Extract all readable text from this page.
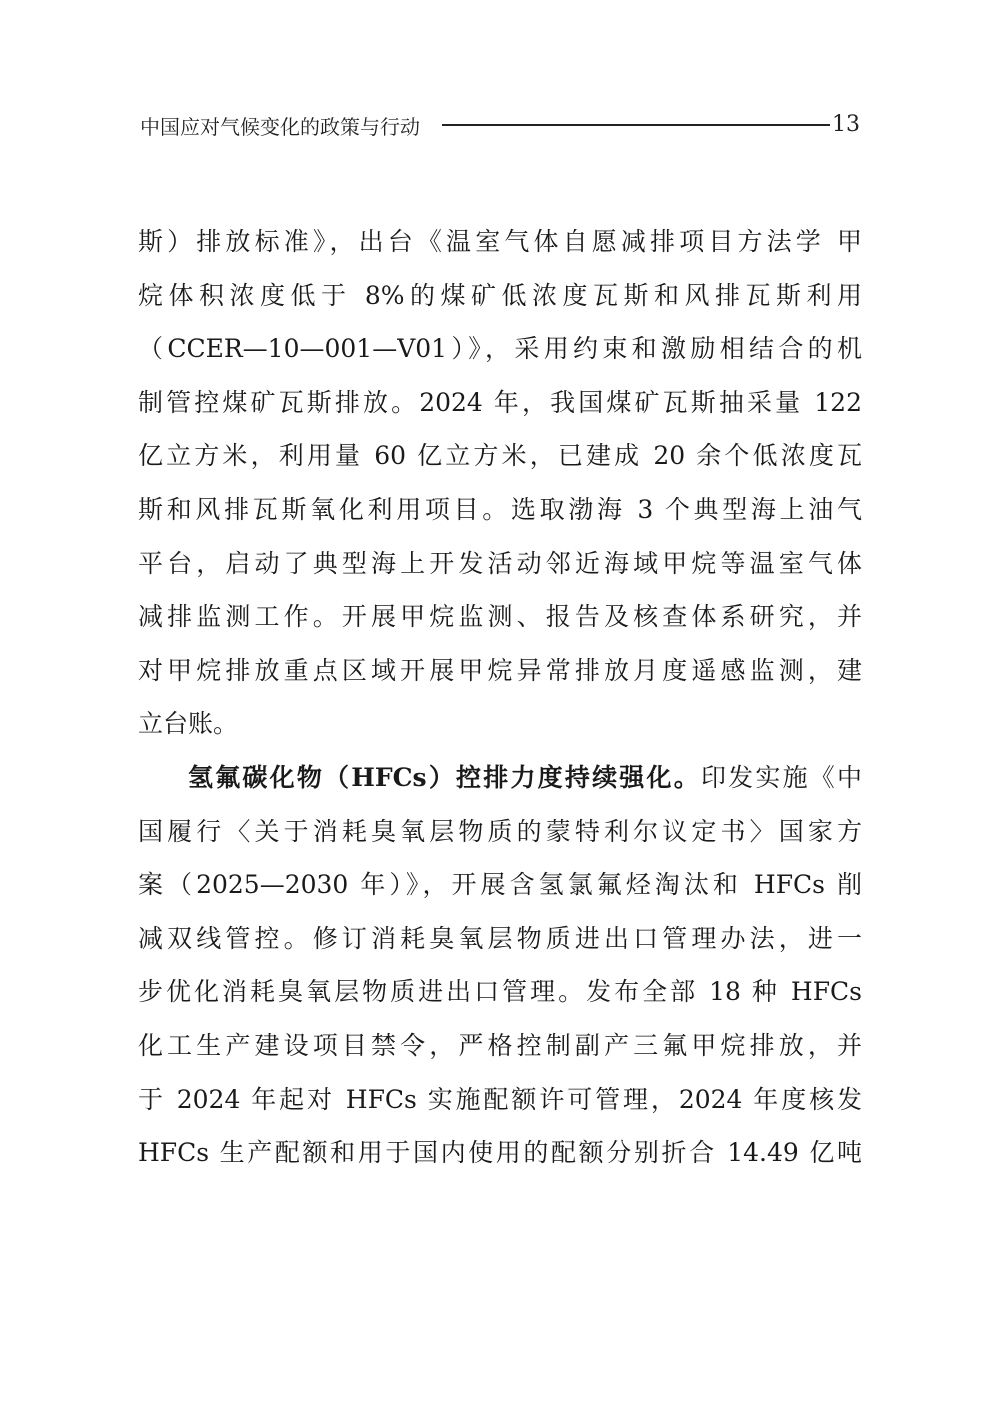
中国应对气候变化的政策与行动	13
斯）排放标准》，出台《温室气体自愿减排项目方法学 甲
烷体积浓度低于 8%的煤矿低浓度瓦斯和风排瓦斯利用
（CCER—10—001—V01）》，采用约束和激励相结合的机
制管控煤矿瓦斯排放。2024 年，我国煤矿瓦斯抽采量 122
亿立方米，利用量 60 亿立方米，已建成 20 余个低浓度瓦
斯和风排瓦斯氧化利用项目。选取渤海 3 个典型海上油气
平台，启动了典型海上开发活动邻近海域甲烷等温室气体
减排监测工作。开展甲烷监测、报告及核查体系研究，并
对甲烷排放重点区域开展甲烷异常排放月度遥感监测，建
立台账。
氢氟碳化物（HFCs）控排力度持续强化。印发实施《中
国履行〈关于消耗臭氧层物质的蒙特利尔议定书〉国家方
案（2025—2030 年）》，开展含氢氯氟烃淘汰和 HFCs 削
减双线管控。修订消耗臭氧层物质进出口管理办法，进一
步优化消耗臭氧层物质进出口管理。发布全部 18 种 HFCs
化工生产建设项目禁令，严格控制副产三氟甲烷排放，并
于 2024 年起对 HFCs 实施配额许可管理，2024 年度核发
HFCs 生产配额和用于国内使用的配额分别折合 14.49 亿吨
